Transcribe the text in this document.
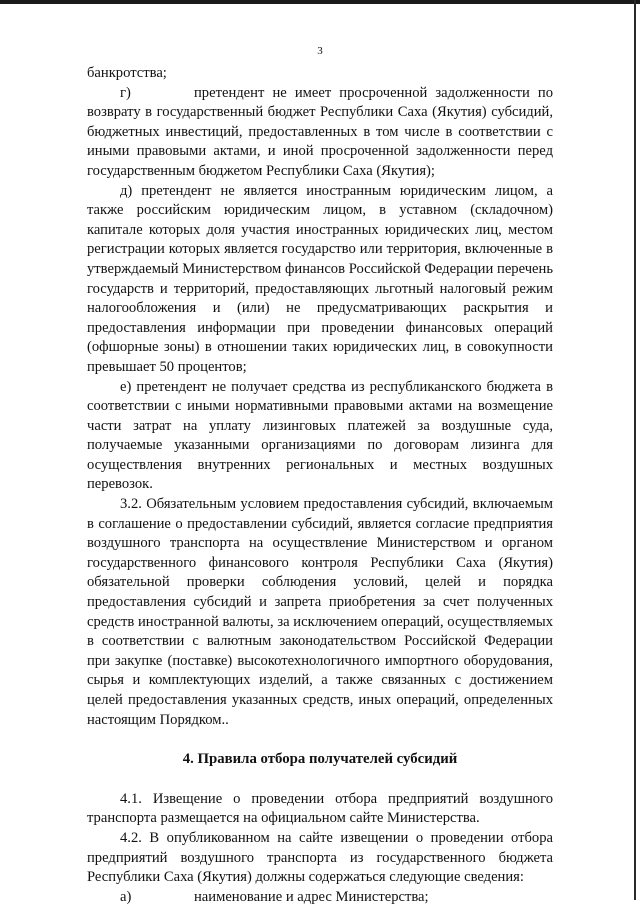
3

банкротства;

г)	претендент не имеет просроченной задолженности по возврату в государственный бюджет Республики Саха (Якутия) субсидий, бюджетных инвестиций, предоставленных в том числе в соответствии с иными правовыми актами, и иной просроченной задолженности перед государственным бюджетом Республики Саха (Якутия);

д) претендент не является иностранным юридическим лицом, а также российским юридическим лицом, в уставном (складочном) капитале которых доля участия иностранных юридических лиц, местом регистрации которых является государство или территория, включенные в утверждаемый Министерством финансов Российской Федерации перечень государств и территорий, предоставляющих льготный налоговый режим налогообложения и (или) не предусматривающих раскрытия и предоставления информации при проведении финансовых операций (офшорные зоны) в отношении таких юридических лиц, в совокупности превышает 50 процентов;

е) претендент не получает средства из республиканского бюджета в соответствии с иными нормативными правовыми актами на возмещение части затрат на уплату лизинговых платежей за воздушные суда, получаемые указанными организациями по договорам лизинга для осуществления внутренних региональных и местных воздушных перевозок.

3.2. Обязательным условием предоставления субсидий, включаемым в соглашение о предоставлении субсидий, является согласие предприятия воздушного транспорта на осуществление Министерством и органом государственного финансового контроля Республики Саха (Якутия) обязательной проверки соблюдения условий, целей и порядка предоставления субсидий и запрета приобретения за счет полученных средств иностранной валюты, за исключением операций, осуществляемых в соответствии с валютным законодательством Российской Федерации при закупке (поставке) высокотехнологичного импортного оборудования, сырья и комплектующих изделий, а также связанных с достижением целей предоставления указанных средств, иных операций, определенных настоящим Порядком..

4. Правила отбора получателей субсидий

4.1. Извещение о проведении отбора предприятий воздушного транспорта размещается на официальном сайте Министерства.

4.2. В опубликованном на сайте извещении о проведении отбора предприятий воздушного транспорта из государственного бюджета Республики Саха (Якутия) должны содержаться следующие сведения:

а)	наименование и адрес Министерства;
